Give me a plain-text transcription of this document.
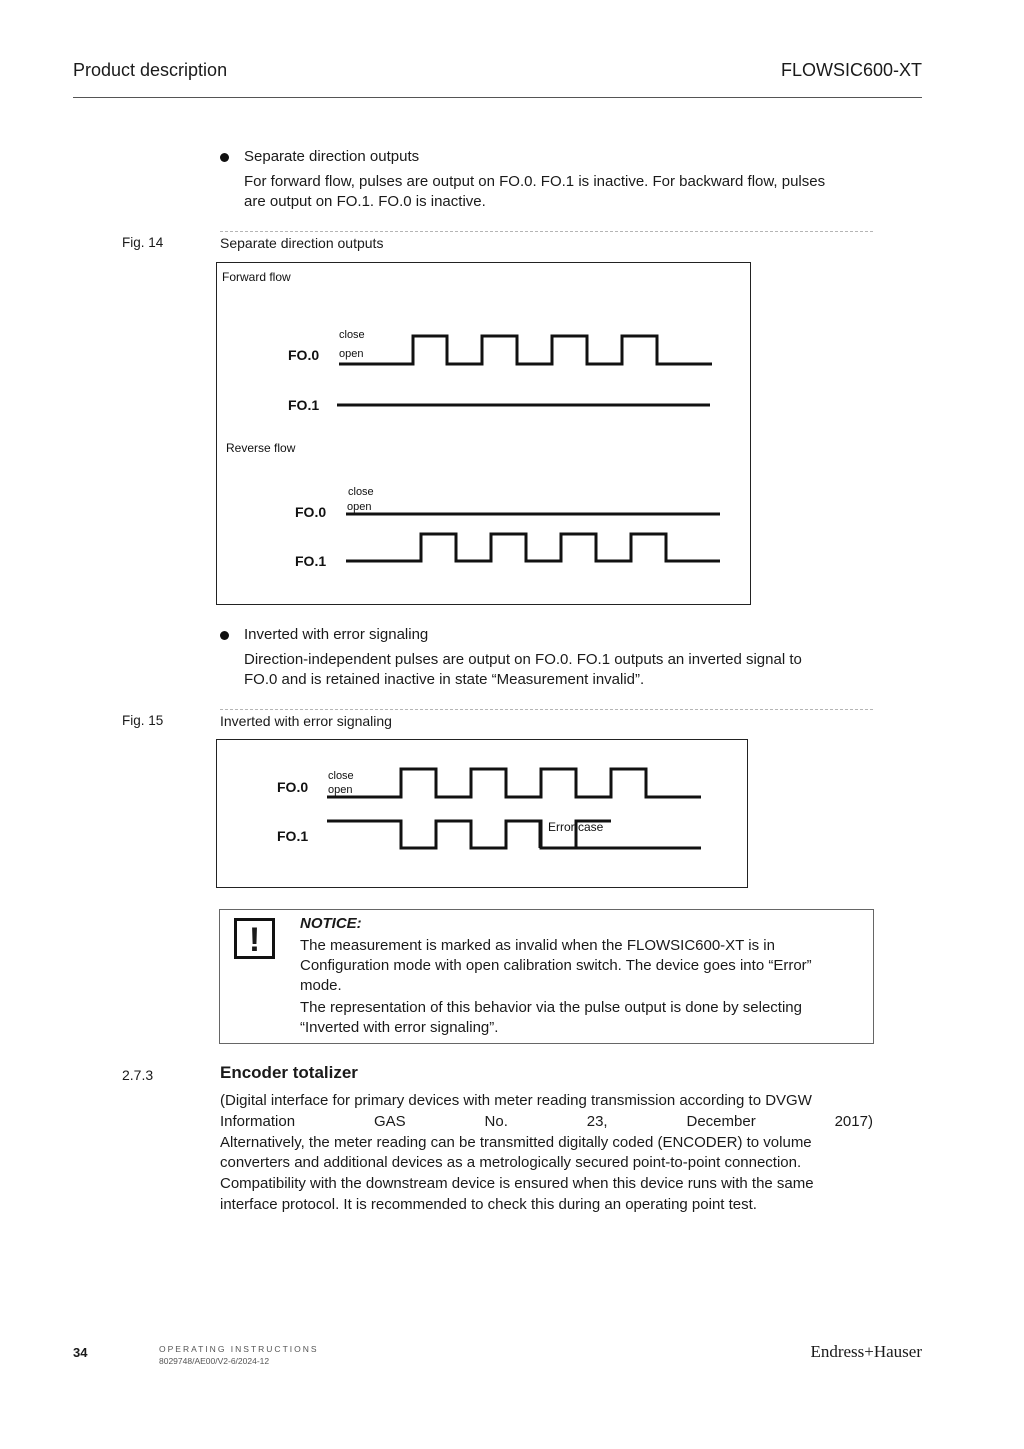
Product description	FLOWSIC600-XT
Separate direction outputs
For forward flow, pulses are output on FO.0. FO.1 is inactive. For backward flow, pulses
are output on FO.1. FO.0 is inactive.
Fig. 14	Separate direction outputs
Forward flow
close
open
FO.0
FO.1
Reverse flow
close
open
FO.0
FO.1
Inverted with error signaling
Direction-independent pulses are output on FO.0. FO.1 outputs an inverted signal to
FO.0 and is retained inactive in state “Measurement invalid”.
Fig. 15	Inverted with error signaling
close
open
FO.0
FO.1
Error case
!	NOTICE:
The measurement is marked as invalid when the FLOWSIC600-XT is in
Configuration mode with open calibration switch. The device goes into “Error”
mode.
The representation of this behavior via the pulse output is done by selecting
“Inverted with error signaling”.
2.7.3	Encoder totalizer
(Digital interface for primary devices with meter reading transmission according to DVGW
Information	GAS	No.	23,	December	2017)
Alternatively, the meter reading can be transmitted digitally coded (ENCODER) to volume
converters and additional devices as a metrologically secured point-to-point connection.
Compatibility with the downstream device is ensured when this device runs with the same
interface protocol. It is recommended to check this during an operating point test.
34	OPERATING INSTRUCTIONS
8029748/AE00/V2-6/2024-12	Endress+Hauser
